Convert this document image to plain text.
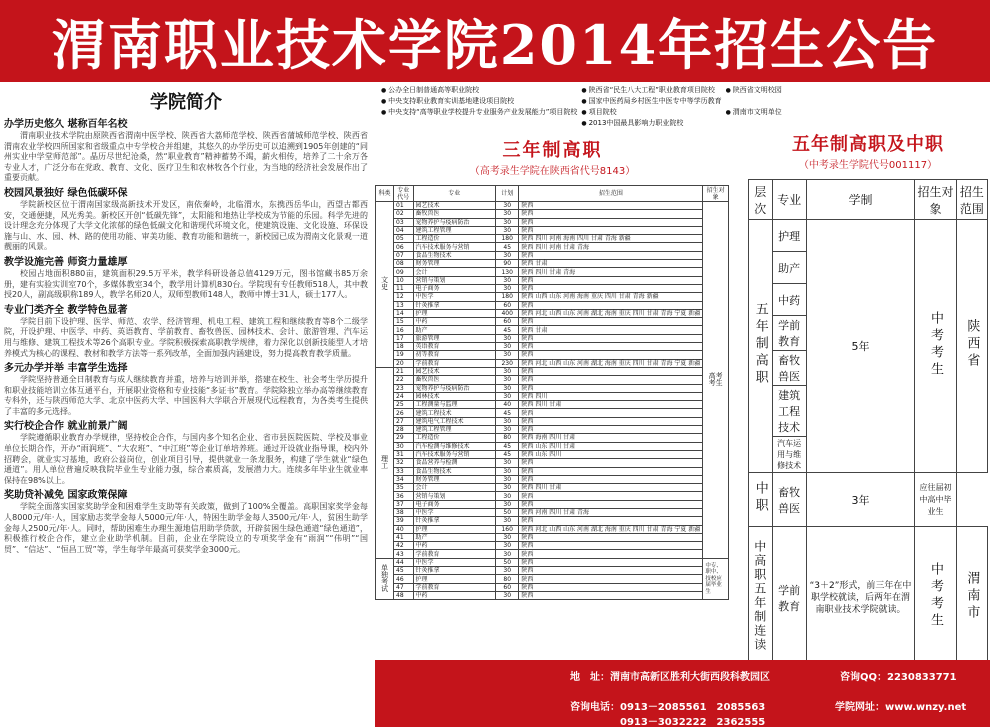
渭南职业技术学院2014年招生公告
学院简介
办学历史悠久 堪称百年名校

渭南职业技术学院由原陕西省渭南中医学校、陕西省大荔师范学校、陕西省蒲城师范学校、陕西省渭南农业学校四所国家和省级重点中专学校合并组建，其悠久的办学历史可以追溯到1905年创建的“同州实业中学堂师范部”。晶历尽世纪沧桑，然“职业教育”精神蓄势不竭，薪火相传，培养了二十余万各专业人才，广泛分布在党政、教育、文化、医疗卫生和农林牧各个行业，为当地的经济社会发展作出了重要贡献。

校园风景独好 绿色低碳环保

学院新校区位于渭南国家级高新技术开发区，南依秦岭，北临渭水，东携西岳华山，西望古都西安，交通便捷，风光秀美。新校区开创“低碳先锋”，太阳能和地热让学校成为节能的乐园。科学先进的设计理念充分体现了大学文化浓郁的绿色低碳文化和谐现代环境文化，使建筑设施、文化设施、环保设施与山、水、园、林、路的使用功能、审美功能、教育功能和谐统一，新校园已成为渭南文化景观一道靓丽的风景。

教学设施完善 师资力量雄厚

校园占地面积880亩，建筑面积29.5万平米，教学科研设备总值4129万元，图书馆藏书85万余册，建有实验实训室70个，多媒体教室34个，教学用计算机830台。学院现有专任教师518人，其中教授20人，副高级职称189人，教学名师20人，双师型教师148人，教师中博士31人，硕士177人。

专业门类齐全 教学特色显著

学院目前下设护理、医学、师范、农学、经济管理、机电工程、建筑工程和继续教育等8个二级学院，开设护理、中医学、中药、英语教育、学前教育、畜牧兽医、园林技术、会计、旅游管理、汽车运用与维修、建筑工程技术等26个高职专业。学院积极探索高职教学规律，着力深化以创新技能型人才培养模式为核心的课程、教材和教学方法等一系列改革，全面加强内涵建设，努力提高教育教学质量。

多元办学并举 丰富学生选择

学院坚持普通全日制教育与成人继续教育并重，培养与培训并举，搭建在校生、社会考生学历提升和职业技能培训立体互通平台，开展职业资格和专业技能“多证书”教育。学院除独立举办高等继续教育专科外，还与陕西师范大学、北京中医药大学、中国医科大学联合开展现代远程教育，为各类考生提供了丰富的多元选择。

实行校企合作 就业前景广阔

学院遵循职业教育办学规律，坚持校企合作，与国内多个知名企业、省市县医院医院、学校及事业单位长期合作，开办“雨润班”、“大农班”、“中江班”等企业订单培养班。通过开设就业指导课，校内外招聘会，就业实习基地，政府公益岗位，创业项目引导，提供就业一条龙服务，构建了学生就业“绿色通道”。用人单位普遍反映我院毕业生专业能力强，综合素质高，发展潜力大。连续多年毕业生就业率保持在98%以上。

奖助贷补减免 国家政策保障

学院全面落实国家奖助学金和困难学生支助等有关政策，做到了100%全覆盖。高职国家奖学金每人8000元/年·人，国家励志奖学金每人5000元/年·人，特困生助学金每人3500元/年·人，贫困生助学金每人2500元/年·人。同时，帮助困难生办理生源地信用助学贷款，开辟贫困生绿色通道“绿色通道”，积极推行校企合作，建立企业助学机制。目前，企业在学院设立的专项奖学金有“雨润”“伟明”“国贸”、“信达”、“恒昌工贸”等，学生每学年最高可获奖学金3000元。

● 公办全日制普通高等职业院校	● 陕西省“民生八大工程”职业教育项目院校	● 陕西省文明校园
● 中央支持职业教育实训基地建设项目院校	● 国家中医药局乡村医生中医专中等学历教育
● 中央支持“高等职业学校提升专业服务产业发展能力”项目院校	● 项目院校	● 渭南市文明单位
● 2013中国最具影响力职业院校
三年制高职
（高考录生学院在陕西省代号8143）
科类	专业代号	专业	计划	招生范围	招生对象
文史	01	园艺技术	30	陕西	高考考生
	02	畜牧兽医	30	陕西	
	03	宠物养护与疫病防治	30	陕西	
	04	建筑工程管理	30	陕西	
	05	工程造价	180	陕西 四川 河南 海南 四川 甘肃 青海 新疆	
	06	汽车技术服务与营销	45	陕西 四川 河南 甘肃 青海	
	07	食品生物技术	30	陕西	
	08	财务管理	90	陕西 甘肃	
	09	会计	130	陕西 四川 甘肃 青海	
	10	营销与策划	30	陕西	
	11	电子商务	30	陕西	
	12	中医学	180	陕西 山西 山东 河南 海南 重庆 四川 甘肃 青海 新疆	
	13	针灸推拿	60	陕西	
	14	护理	400	陕西 河北 山西 山东 河南 湖北 海南 重庆 四川 甘肃 青海 宁夏 新疆	
	15	中药	60	陕西	
	16	助产	45	陕西 甘肃	
	17	旅游管理	30	陕西	
	18	英语教育	30	陕西	
	19	初等教育	30	陕西	
	20	学前教育	230	陕西 河北 山西 山东 河南 湖北 海南 重庆 四川 甘肃 青海 宁夏 新疆	
理工	21	园艺技术	30	陕西	
	22	畜牧兽医	30	陕西	
	23	宠物养护与疫病防治	30	陕西	
	24	园林技术	30	陕西 四川	
	25	工程测量与监理	40	陕西 四川 甘肃	
	26	建筑工程技术	45	陕西	
	27	建筑电气工程技术	30	陕西	
	28	建筑工程管理	30	陕西	
	29	工程造价	80	陕西 海南 四川 甘肃	
	30	汽车检测与维修技术	45	陕西 山东 四川 甘肃	
	31	汽车技术服务与营销	45	陕西 山东 四川	
	32	食品营养与检测	30	陕西	
	33	食品生物技术	30	陕西	
	34	财务管理	30	陕西	
	35	会计	30	陕西 四川 甘肃	
	36	营销与策划	30	陕西	
	37	电子商务	30	陕西	
	38	中医学	50	陕西 河南 四川 甘肃 青海	
	39	针灸推拿	30	陕西	
	40	护理	160	陕西 河北 山西 山东 河南 湖北 海南 重庆 四川 甘肃 青海 宁夏 新疆	
	41	助产	30	陕西	
	42	中药	30	陕西	
	43	学前教育	30	陕西	
单独考试	44	中医学	50	陕西	中专、职中、技校应届毕业生
	45	针灸推拿	30	陕西	
	46	护理	80	陕西	
	47	学前教育	60	陕西	
	48	中药	30	陕西	
五年制高职及中职
（中考录生学院代号001117）
层次	专业	学制	招生对象	招生范围
五年制高职	护理	5年	中考考生	陕西省
	助产			
	中药			
	学前教育			
	畜牧兽医			
	建筑工程技术			
	汽车运用与维修技术			
中职	畜牧兽医	3年	应往届初中高中毕业生	
中高职五年制连读	学前教育	“3＋2”形式，前三年在中职学校就读，后两年在渭南职业技术学院就读。	中考考生	渭南市
地　址：渭南市高新区胜利大街西段科教园区	咨询QQ：2230833771
咨询电话：0913－2085561　2085563
0913－3032222　2362555
学院网址：www.wnzy.net
